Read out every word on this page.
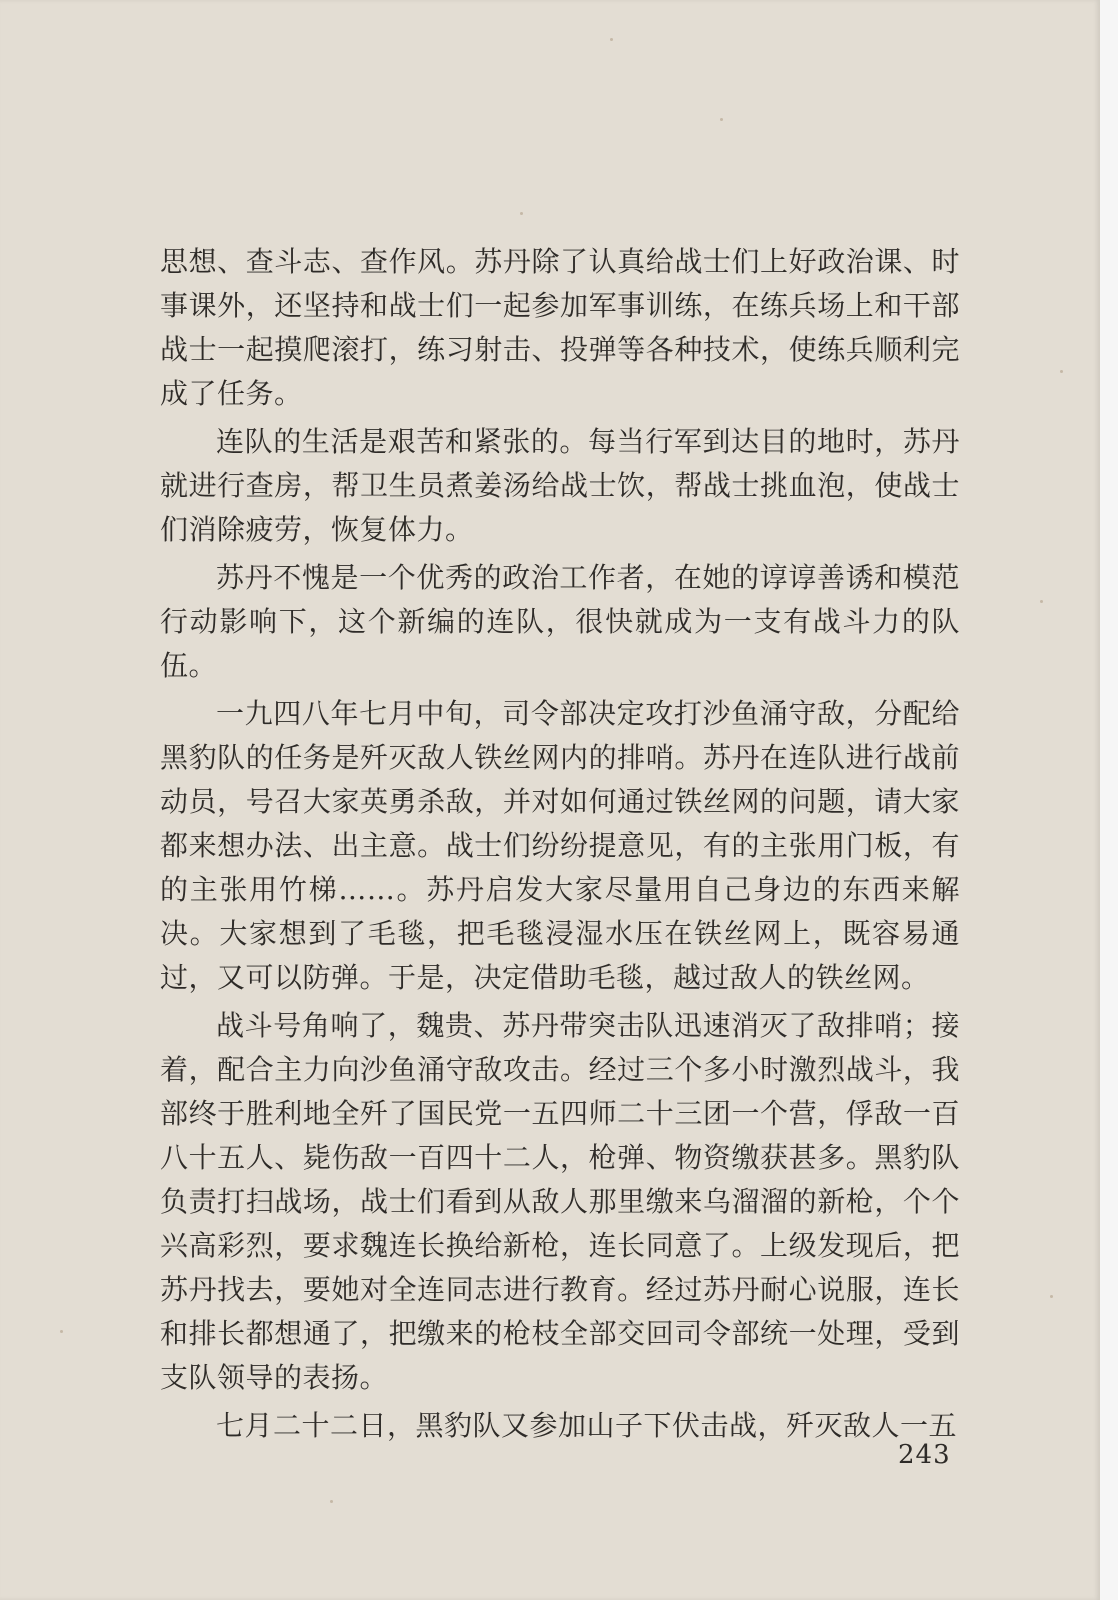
思想、查斗志、查作风。苏丹除了认真给战士们上好政治课、时事课外，还坚持和战士们一起参加军事训练，在练兵场上和干部战士一起摸爬滚打，练习射击、投弹等各种技术，使练兵顺利完成了任务。

连队的生活是艰苦和紧张的。每当行军到达目的地时，苏丹就进行查房，帮卫生员煮姜汤给战士饮，帮战士挑血泡，使战士们消除疲劳，恢复体力。

苏丹不愧是一个优秀的政治工作者，在她的谆谆善诱和模范行动影响下，这个新编的连队，很快就成为一支有战斗力的队伍。

一九四八年七月中旬，司令部决定攻打沙鱼涌守敌，分配给黑豹队的任务是歼灭敌人铁丝网内的排哨。苏丹在连队进行战前动员，号召大家英勇杀敌，并对如何通过铁丝网的问题，请大家都来想办法、出主意。战士们纷纷提意见，有的主张用门板，有的主张用竹梯……。苏丹启发大家尽量用自己身边的东西来解决。大家想到了毛毯，把毛毯浸湿水压在铁丝网上，既容易通过，又可以防弹。于是，决定借助毛毯，越过敌人的铁丝网。

战斗号角响了，魏贵、苏丹带突击队迅速消灭了敌排哨；接着，配合主力向沙鱼涌守敌攻击。经过三个多小时激烈战斗，我部终于胜利地全歼了国民党一五四师二十三团一个营，俘敌一百八十五人、毙伤敌一百四十二人，枪弹、物资缴获甚多。黑豹队负责打扫战场，战士们看到从敌人那里缴来乌溜溜的新枪，个个兴高彩烈，要求魏连长换给新枪，连长同意了。上级发现后，把苏丹找去，要她对全连同志进行教育。经过苏丹耐心说服，连长和排长都想通了，把缴来的枪枝全部交回司令部统一处理，受到支队领导的表扬。

七月二十二日，黑豹队又参加山子下伏击战，歼灭敌人一五

243
